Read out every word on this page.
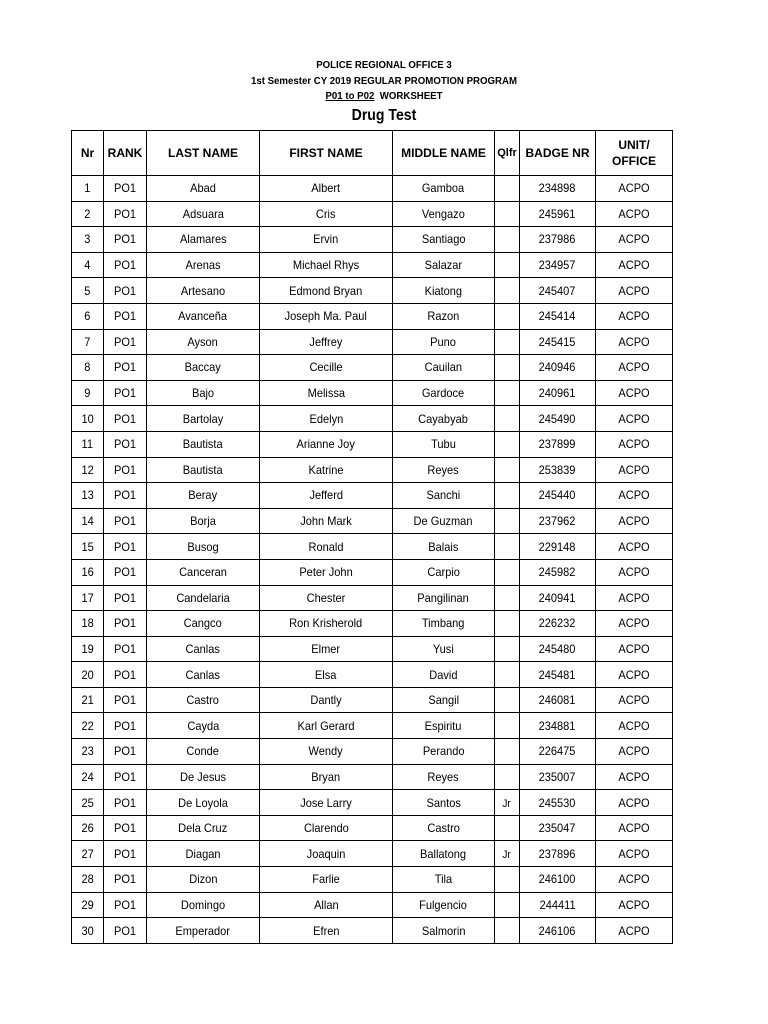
POLICE REGIONAL OFFICE 3
1st Semester CY 2019 REGULAR PROMOTION PROGRAM
P01 to P02 WORKSHEET
Drug Test
Nr	RANK	LAST NAME	FIRST NAME	MIDDLE NAME	Qlfr	BADGE NR	UNIT/
OFFICE
1	PO1	Abad	Albert	Gamboa		234898	ACPO
2	PO1	Adsuara	Cris	Vengazo		245961	ACPO
3	PO1	Alamares	Ervin	Santiago		237986	ACPO
4	PO1	Arenas	Michael Rhys	Salazar		234957	ACPO
5	PO1	Artesano	Edmond Bryan	Kiatong		245407	ACPO
6	PO1	Avanceña	Joseph Ma. Paul	Razon		245414	ACPO
7	PO1	Ayson	Jeffrey	Puno		245415	ACPO
8	PO1	Baccay	Cecille	Cauilan		240946	ACPO
9	PO1	Bajo	Melissa	Gardoce		240961	ACPO
10	PO1	Bartolay	Edelyn	Cayabyab		245490	ACPO
11	PO1	Bautista	Arianne Joy	Tubu		237899	ACPO
12	PO1	Bautista	Katrine	Reyes		253839	ACPO
13	PO1	Beray	Jefferd	Sanchi		245440	ACPO
14	PO1	Borja	John Mark	De Guzman		237962	ACPO
15	PO1	Busog	Ronald	Balais		229148	ACPO
16	PO1	Canceran	Peter John	Carpio		245982	ACPO
17	PO1	Candelaria	Chester	Pangilinan		240941	ACPO
18	PO1	Cangco	Ron Krisherold	Timbang		226232	ACPO
19	PO1	Canlas	Elmer	Yusi		245480	ACPO
20	PO1	Canlas	Elsa	David		245481	ACPO
21	PO1	Castro	Dantly	Sangil		246081	ACPO
22	PO1	Cayda	Karl Gerard	Espiritu		234881	ACPO
23	PO1	Conde	Wendy	Perando		226475	ACPO
24	PO1	De Jesus	Bryan	Reyes		235007	ACPO
25	PO1	De Loyola	Jose Larry	Santos	Jr	245530	ACPO
26	PO1	Dela Cruz	Clarendo	Castro		235047	ACPO
27	PO1	Diagan	Joaquin	Ballatong	Jr	237896	ACPO
28	PO1	Dizon	Farlie	Tila		246100	ACPO
29	PO1	Domingo	Allan	Fulgencio		244411	ACPO
30	PO1	Emperador	Efren	Salmorin		246106	ACPO
